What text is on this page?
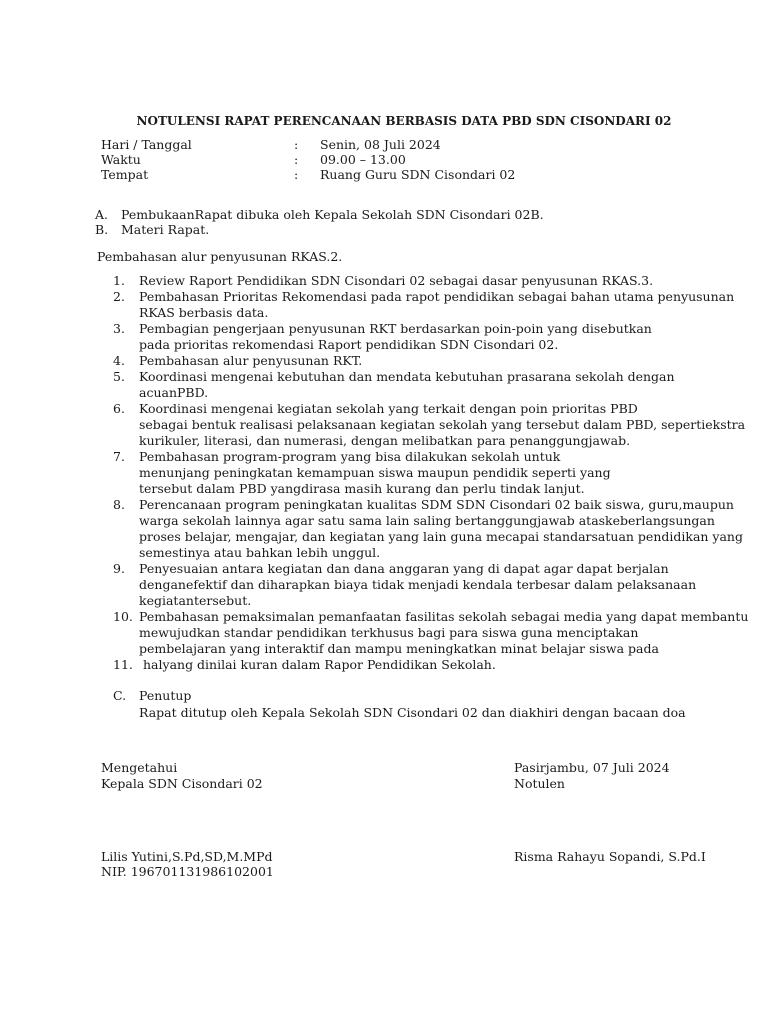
NOTULENSI RAPAT PERENCANAAN BERBASIS DATA PBD SDN CISONDARI 02
Hari / Tanggal	: Senin, 08 Juli 2024
Waktu	: 09.00 – 13.00
Tempat	: Ruang Guru SDN Cisondari 02
A. PembukaanRapat dibuka oleh Kepala Sekolah SDN Cisondari 02B.
B. Materi Rapat.
Pembahasan alur penyusunan RKAS.2.
1. Review Raport Pendidikan SDN Cisondari 02 sebagai dasar penyusunan RKAS.3.
2. Pembahasan Prioritas Rekomendasi pada rapot pendidikan sebagai bahan utama penyusunan
RKAS berbasis data.
3. Pembagian pengerjaan penyusunan RKT berdasarkan poin-poin yang disebutkan
pada prioritas rekomendasi Raport pendidikan SDN Cisondari 02.
4. Pembahasan alur penyusunan RKT.
5. Koordinasi mengenai kebutuhan dan mendata kebutuhan prasarana sekolah dengan
acuanPBD.
6. Koordinasi mengenai kegiatan sekolah yang terkait dengan poin prioritas PBD
sebagai bentuk realisasi pelaksanaan kegiatan sekolah yang tersebut dalam PBD, sepertiekstra
kurikuler, literasi, dan numerasi, dengan melibatkan para penanggungjawab.
7. Pembahasan program-program yang bisa dilakukan sekolah untuk
menunjang peningkatan kemampuan siswa maupun pendidik seperti yang
tersebut dalam PBD yangdirasa masih kurang dan perlu tindak lanjut.
8. Perencanaan program peningkatan kualitas SDM SDN Cisondari 02 baik siswa, guru,maupun
warga sekolah lainnya agar satu sama lain saling bertanggungjawab ataskeberlangsungan
proses belajar, mengajar, dan kegiatan yang lain guna mecapai standarsatuan pendidikan yang
semestinya atau bahkan lebih unggul.
9. Penyesuaian antara kegiatan dan dana anggaran yang di dapat agar dapat berjalan
denganefektif dan diharapkan biaya tidak menjadi kendala terbesar dalam pelaksanaan
kegiatantersebut.
10. Pembahasan pemaksimalan pemanfaatan fasilitas sekolah sebagai media yang dapat membantu
mewujudkan standar pendidikan terkhusus bagi para siswa guna menciptakan
pembelajaran yang interaktif dan mampu meningkatkan minat belajar siswa pada
11. halyang dinilai kuran dalam Rapor Pendidikan Sekolah.
C. Penutup
Rapat ditutup oleh Kepala Sekolah SDN Cisondari 02 dan diakhiri dengan bacaan doa
Mengetahui
Kepala SDN Cisondari 02
Lilis Yutini,S.Pd,SD,M.MPd
NIP. 196701131986102001
Pasirjambu, 07 Juli 2024
Notulen
Risma Rahayu Sopandi, S.Pd.I
